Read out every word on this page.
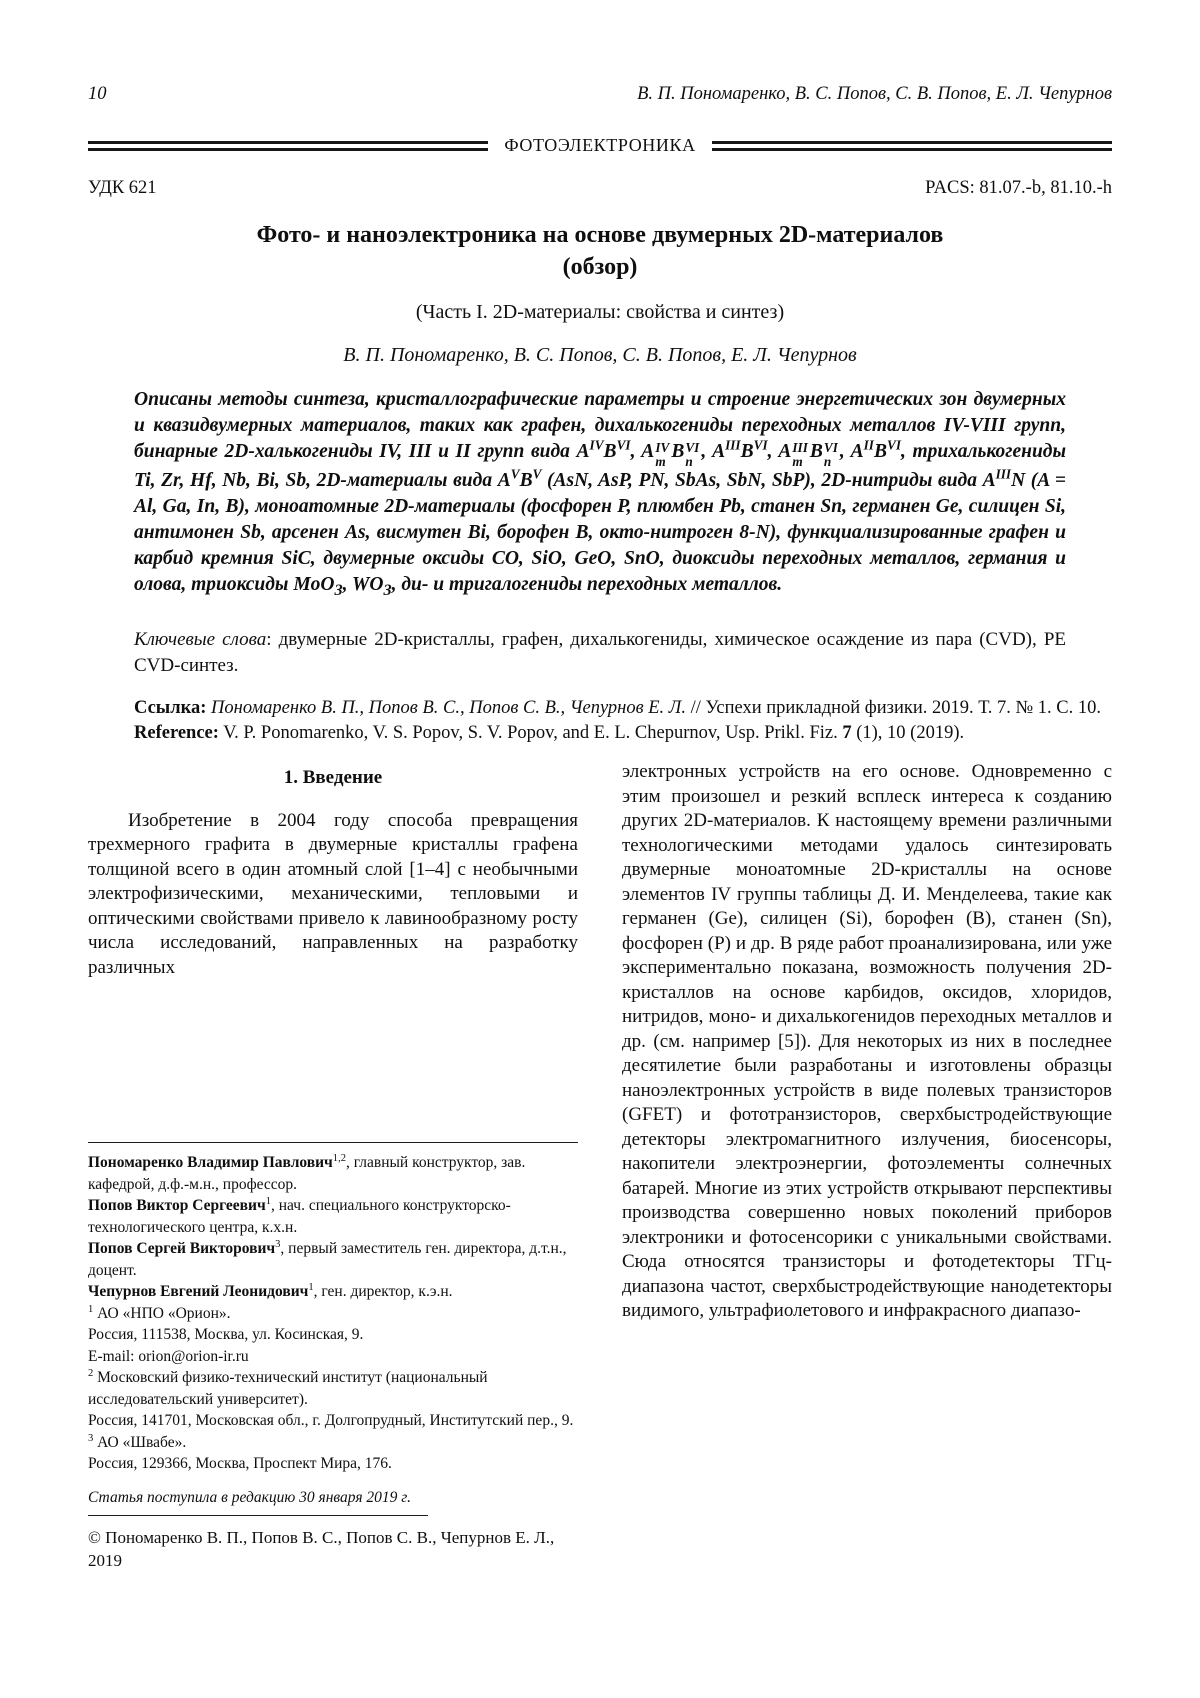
10	В. П. Пономаренко, В. С. Попов, С. В. Попов, Е. Л. Чепурнов
ФОТОЭЛЕКТРОНИКА
УДК 621	PACS: 81.07.-b, 81.10.-h
Фото- и наноэлектроника на основе двумерных 2D-материалов
(обзор)
(Часть I. 2D-материалы: свойства и синтез)
В. П. Пономаренко, В. С. Попов, С. В. Попов, Е. Л. Чепурнов
Описаны методы синтеза, кристаллографические параметры и строение энергетических зон двумерных и квазидвумерных материалов, таких как графен, дихалькогениды переходных металлов IV-VIII групп, бинарные 2D-халькогениды IV, III и II групп вида $A^{IV}B^{VI}$, A IV
m B VI
n , $A^{III}B^{VI}$, A III
m B VI
n , $A^{II}B^{VI}$, трихалькогениды Ti, Zr, Hf, Nb, Bi, Sb, 2D-материалы вида $A^VB^V$ (AsN, AsP, PN, SbAs, SbN, SbP), 2D-нитриды вида $A^{III}N$ (A = Al, Ga, In, B), моноатомные 2D-материалы (фосфорен P, плюмбен Pb, станен Sn, германен Ge, силицен Si, антимонен Sb, арсенен As, висмутен Bi, борофен B, окто-нитроген 8-N), функциализированные графен и карбид кремния SiC, двумерные оксиды CO, SiO, GeO, SnO, диоксиды переходных металлов, германия и олова, триоксиды MoO$_3$, $WO_3$, ди- и тригалогениды переходных металлов.
Ключевые слова: двумерные 2D-кристаллы, графен, дихалькогениды, химическое осаждение из пара (CVD), PE CVD-синтез.
Ссылка: Пономаренко В. П., Попов В. С., Попов С. В., Чепурнов Е. Л. // Успехи прикладной физики. 2019. Т. 7. № 1. С. 10.
Reference: V. P. Ponomarenko, V. S. Popov, S. V. Popov, and E. L. Chepurnov, Usp. Prikl. Fiz. 7 (1), 10 (2019).
1. Введение

Изобретение в 2004 году способа превращения трехмерного графита в двумерные кристаллы графена толщиной всего в один атомный слой [1–4] с необычными электрофизическими, механическими, тепловыми и оптическими свойствами привело к лавинообразному росту числа исследований, направленных на разработку различных

Пономаренко Владимир Павлович$^{1,2}$, главный конструктор, зав. кафедрой, д.ф.-м.н., профессор.
Попов Виктор Сергеевич$^1$, нач. специального конструкторско-технологического центра, к.х.н.
Попов Сергей Викторович$^3$, первый заместитель ген. директора, д.т.н., доцент.
Чепурнов Евгений Леонидович$^1$, ген. директор, к.э.н.
$^1$ АО «НПО «Орион».
Россия, 111538, Москва, ул. Косинская, 9.
E-mail: orion@orion-ir.ru
$^2$ Московский физико-технический институт (национальный исследовательский университет).
Россия, 141701, Московская обл., г. Долгопрудный, Институтский пер., 9.
$^3$ АО «Швабе».
Россия, 129366, Москва, Проспект Мира, 176.
Статья поступила в редакцию 30 января 2019 г.
© Пономаренко В. П., Попов В. С., Попов С. В., Чепурнов Е. Л., 2019

электронных устройств на его основе. Одновременно с этим произошел и резкий всплеск интереса к созданию других 2D-материалов. К настоящему времени различными технологическими методами удалось синтезировать двумерные моноатомные 2D-кристаллы на основе элементов IV группы таблицы Д. И. Менделеева, такие как германен (Ge), силицен (Si), борофен (B), станен (Sn), фосфорен (P) и др. В ряде работ проанализирована, или уже экспериментально показана, возможность получения 2D-кристаллов на основе карбидов, оксидов, хлоридов, нитридов, моно- и дихалькогенидов переходных металлов и др. (см. например [5]). Для некоторых из них в последнее десятилетие были разработаны и изготовлены образцы наноэлектронных устройств в виде полевых транзисторов (GFET) и фототранзисторов, сверхбыстродействующие детекторы электромагнитного излучения, биосенсоры, накопители электроэнергии, фотоэлементы солнечных батарей. Многие из этих устройств открывают перспективы производства совершенно новых поколений приборов электроники и фотосенсорики с уникальными свойствами. Сюда относятся транзисторы и фотодетекторы ТГц-диапазона частот, сверхбыстродействующие нанодетекторы видимого, ультрафиолетового и инфракрасного диапазо-
